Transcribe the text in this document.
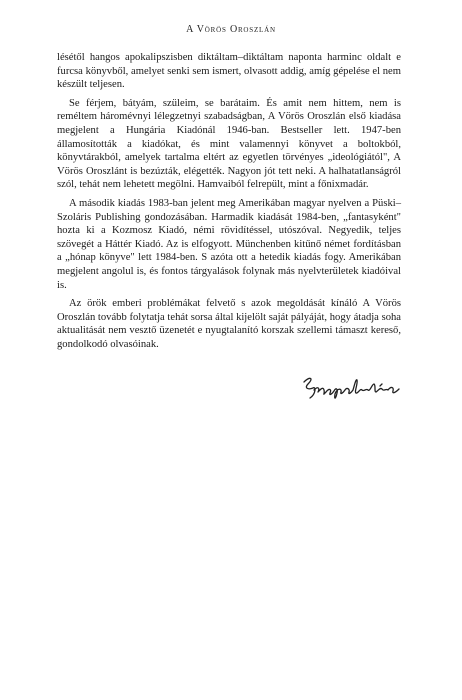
A Vörös Oroszlán

lésétől hangos apokalipszisben diktáltam–diktáltam naponta harminc oldalt e furcsa könyvből, amelyet senki sem ismert, olvasott addig, amíg gépelése el nem készült teljesen.

Se férjem, bátyám, szüleim, se barátaim. És amit nem hittem, nem is reméltem háromévnyi lélegzetnyi szabadságban, A Vörös Oroszlán első kiadása megjelent a Hungária Kiadónál 1946-ban. Bestseller lett. 1947-ben államosították a kiadókat, és mint valamennyi könyvet a boltokból, könyvtárakból, amelyek tartalma eltért az egyetlen törvényes „ideológiától", A Vörös Oroszlánt is bezúzták, elégették. Nagyon jót tett neki. A halhatatlanságról szól, tehát nem lehetett megölni. Hamvaiból felrepült, mint a főnixmadár.

A második kiadás 1983-ban jelent meg Amerikában magyar nyelven a Püski–Szoláris Publishing gondozásában. Harmadik kiadását 1984-ben, „fantasyként" hozta ki a Kozmosz Kiadó, némi rövidítéssel, utószóval. Negyedik, teljes szövegét a Háttér Kiadó. Az is elfogyott. Münchenben kitűnő német fordításban a „hónap könyve" lett 1984-ben. S azóta ott a hetedik kiadás fogy. Amerikában megjelent angolul is, és fontos tárgyalások folynak más nyelvterületek kiadóival is.

Az örök emberi problémákat felvető s azok megoldását kínáló A Vörös Oroszlán tovább folytatja tehát sorsa által kijelölt saját pályáját, hogy átadja soha aktualitását nem vesztő üzenetét e nyugtalanító korszak szellemi támaszt kereső, gondolkodó olvasóinak.
